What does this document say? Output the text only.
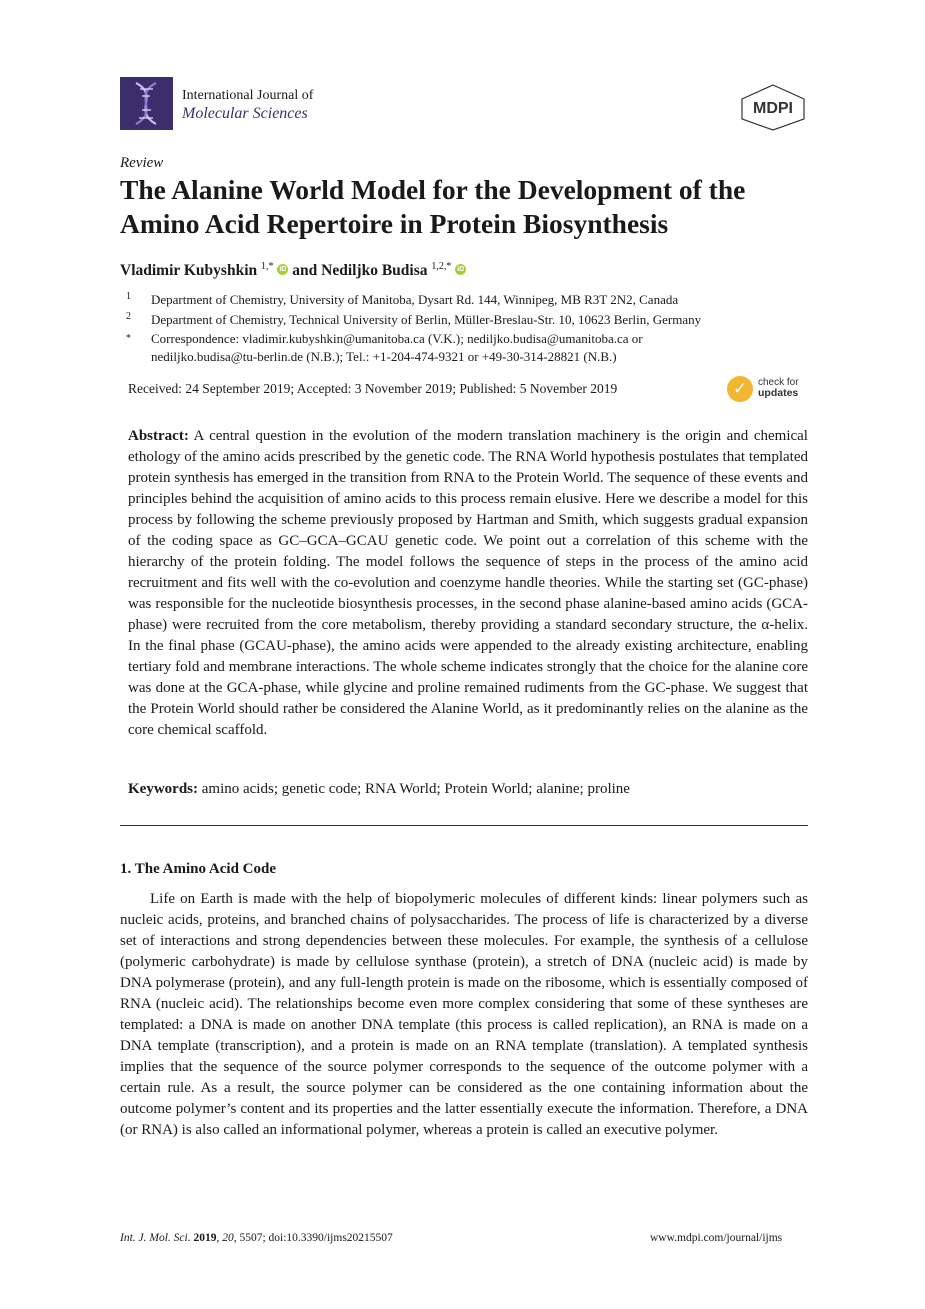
International Journal of
Molecular Sciences	MDPI
Review
The Alanine World Model for the Development of the Amino Acid Repertoire in Protein Biosynthesis
Vladimir Kubyshkin $^{1,*}$ iD and Nediljko Budisa $^{1,2,*}$ iD
1 Department of Chemistry, University of Manitoba, Dysart Rd. 144, Winnipeg, MB R3T 2N2, Canada
2 Department of Chemistry, Technical University of Berlin, Müller-Breslau-Str. 10, 10623 Berlin, Germany
* Correspondence: vladimir.kubyshkin@umanitoba.ca (V.K.); nediljko.budisa@umanitoba.ca or
nediljko.budisa@tu-berlin.de (N.B.); Tel.: +1-204-474-9321 or +49-30-314-28821 (N.B.)
Received: 24 September 2019; Accepted: 3 November 2019; Published: 5 November 2019	✓ check for
updates

Abstract: A central question in the evolution of the modern translation machinery is the origin and chemical ethology of the amino acids prescribed by the genetic code. The RNA World hypothesis postulates that templated protein synthesis has emerged in the transition from RNA to the Protein World. The sequence of these events and principles behind the acquisition of amino acids to this process remain elusive. Here we describe a model for this process by following the scheme previously proposed by Hartman and Smith, which suggests gradual expansion of the coding space as GC–GCA–GCAU genetic code. We point out a correlation of this scheme with the hierarchy of the protein folding. The model follows the sequence of steps in the process of the amino acid recruitment and fits well with the co-evolution and coenzyme handle theories. While the starting set (GC-phase) was responsible for the nucleotide biosynthesis processes, in the second phase alanine-based amino acids (GCA-phase) were recruited from the core metabolism, thereby providing a standard secondary structure, the α-helix. In the final phase (GCAU-phase), the amino acids were appended to the already existing architecture, enabling tertiary fold and membrane interactions. The whole scheme indicates strongly that the choice for the alanine core was done at the GCA-phase, while glycine and proline remained rudiments from the GC-phase. We suggest that the Protein World should rather be considered the Alanine World, as it predominantly relies on the alanine as the core chemical scaffold.

Keywords: amino acids; genetic code; RNA World; Protein World; alanine; proline
1. The Amino Acid Code

Life on Earth is made with the help of biopolymeric molecules of different kinds: linear polymers such as nucleic acids, proteins, and branched chains of polysaccharides. The process of life is characterized by a diverse set of interactions and strong dependencies between these molecules. For example, the synthesis of a cellulose (polymeric carbohydrate) is made by cellulose synthase (protein), a stretch of DNA (nucleic acid) is made by DNA polymerase (protein), and any full-length protein is made on the ribosome, which is essentially composed of RNA (nucleic acid). The relationships become even more complex considering that some of these syntheses are templated: a DNA is made on another DNA template (this process is called replication), an RNA is made on a DNA template (transcription), and a protein is made on an RNA template (translation). A templated synthesis implies that the sequence of the source polymer corresponds to the sequence of the outcome polymer with a certain rule. As a result, the source polymer can be considered as the one containing information about the outcome polymer’s content and its properties and the latter essentially execute the information. Therefore, a DNA (or RNA) is also called an informational polymer, whereas a protein is called an executive polymer.

Int. J. Mol. Sci. 2019, 20, 5507; doi:10.3390/ijms20215507	www.mdpi.com/journal/ijms
